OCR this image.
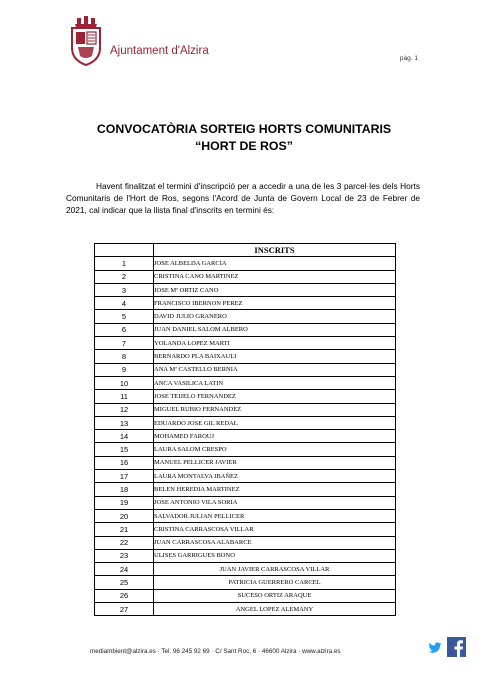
Ajuntament d'Alzira
pàg. 1
CONVOCATÒRIA SORTEIG HORTS COMUNITARIS
“HORT DE ROS”
Havent finalitzat el termini d'inscripció per a accedir a una de les 3 parcel·les dels Horts Comunitaris de l'Hort de Ros, segons l'Acord de Junta de Govern Local de 23 de Febrer de 2021, cal indicar que la llista final d'inscrits en termini és:
	INSCRITS
1	JOSE ALBELDA GARCIA
2	CRISTINA CANO MARTINEZ
3	JOSE Mª ORTIZ CANO
4	FRANCISCO IBERNON PEREZ
5	DAVID JULIO GRANERO
6	JUAN DANIEL SALOM ALBERO
7	YOLANDA LOPEZ MARTI
8	BERNARDO PLA BAIXAULI
9	ANA Mª CASTELLO BERNIA
10	ANCA VASILICA LATIN
11	JOSE TEIJELO FERNANDEZ
12	MIGUEL RUBIO FERNANDEZ
13	EDUARDO JOSE GIL REDAL
14	MOHAMED FAROUJ
15	LAURA SALOM CRESPO
16	MANUEL PELLICER JAVIER
17	LAURA MONTALVA IBAÑEZ
18	BELEN HEREDIA MARTINEZ
19	JOSE ANTONIO VILA SORIA
20	SALVADOR JULIAN PELLICER
21	CRISTINA CARRASCOSA VILLAR
22	JUAN CARRASCOSA ALABARCE
23	ULISES GARRIGUES BONO
24	JUAN JAVIER CARRASCOSA VILLAR
25	PATRICIA GUERRERO CARCEL
26	SUCESO ORTIZ ARAQUE
27	ANGEL LOPEZ ALEMANY
mediambient@alzira.es · Tel. 96 245 92 69 · C/ Sant Roc, 6 · 46600 Alzira · www.alzira.es
